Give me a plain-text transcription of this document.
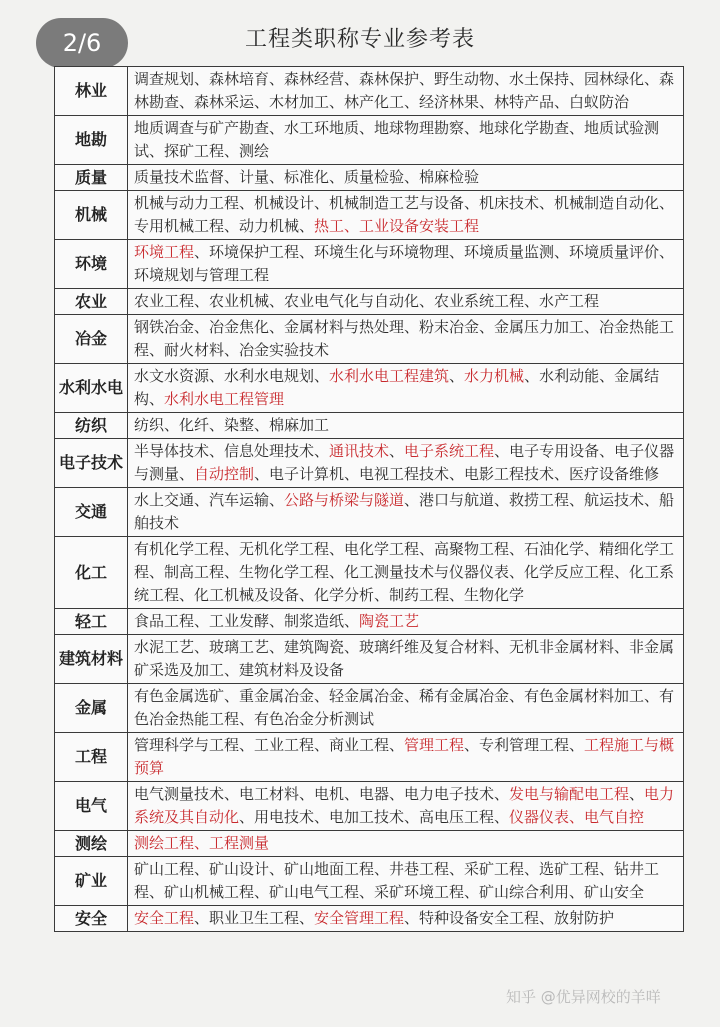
2/6	工程类职称专业参考表
林业	调查规划、森林培育、森林经营、森林保护、野生动物、水土保持、园林绿化、森林勘查、森林采运、木材加工、林产化工、经济林果、林特产品、白蚁防治
地勘	地质调查与矿产勘查、水工环地质、地球物理勘察、地球化学勘查、地质试验测试、探矿工程、测绘
质量	质量技术监督、计量、标准化、质量检验、棉麻检验
机械	机械与动力工程、机械设计、机械制造工艺与设备、机床技术、机械制造自动化、专用机械工程、动力机械、热工、工业设备安装工程
环境	环境工程、环境保护工程、环境生化与环境物理、环境质量监测、环境质量评价、环境规划与管理工程
农业	农业工程、农业机械、农业电气化与自动化、农业系统工程、水产工程
冶金	钢铁冶金、冶金焦化、金属材料与热处理、粉末冶金、金属压力加工、冶金热能工程、耐火材料、冶金实验技术
水利水电	水文水资源、水利水电规划、水利水电工程建筑、水力机械、水利动能、金属结构、水利水电工程管理
纺织	纺织、化纤、染整、棉麻加工
电子技术	半导体技术、信息处理技术、通讯技术、电子系统工程、电子专用设备、电子仪器与测量、自动控制、电子计算机、电视工程技术、电影工程技术、医疗设备维修
交通	水上交通、汽车运输、公路与桥梁与隧道、港口与航道、救捞工程、航运技术、船舶技术
化工	有机化学工程、无机化学工程、电化学工程、高聚物工程、石油化学、精细化学工程、制高工程、生物化学工程、化工测量技术与仪器仪表、化学反应工程、化工系统工程、化工机械及设备、化学分析、制药工程、生物化学
轻工	食品工程、工业发酵、制浆造纸、陶瓷工艺
建筑材料	水泥工艺、玻璃工艺、建筑陶瓷、玻璃纤维及复合材料、无机非金属材料、非金属矿采选及加工、建筑材料及设备
金属	有色金属选矿、重金属冶金、轻金属冶金、稀有金属冶金、有色金属材料加工、有色冶金热能工程、有色冶金分析测试
工程	管理科学与工程、工业工程、商业工程、管理工程、专利管理工程、工程施工与概预算
电气	电气测量技术、电工材料、电机、电器、电力电子技术、发电与输配电工程、电力系统及其自动化、用电技术、电加工技术、高电压工程、仪器仪表、电气自控
测绘	测绘工程、工程测量
矿业	矿山工程、矿山设计、矿山地面工程、井巷工程、采矿工程、选矿工程、钻井工程、矿山机械工程、矿山电气工程、采矿环境工程、矿山综合利用、矿山安全
安全	安全工程、职业卫生工程、安全管理工程、特种设备安全工程、放射防护
知乎 @优异网校的羊咩
